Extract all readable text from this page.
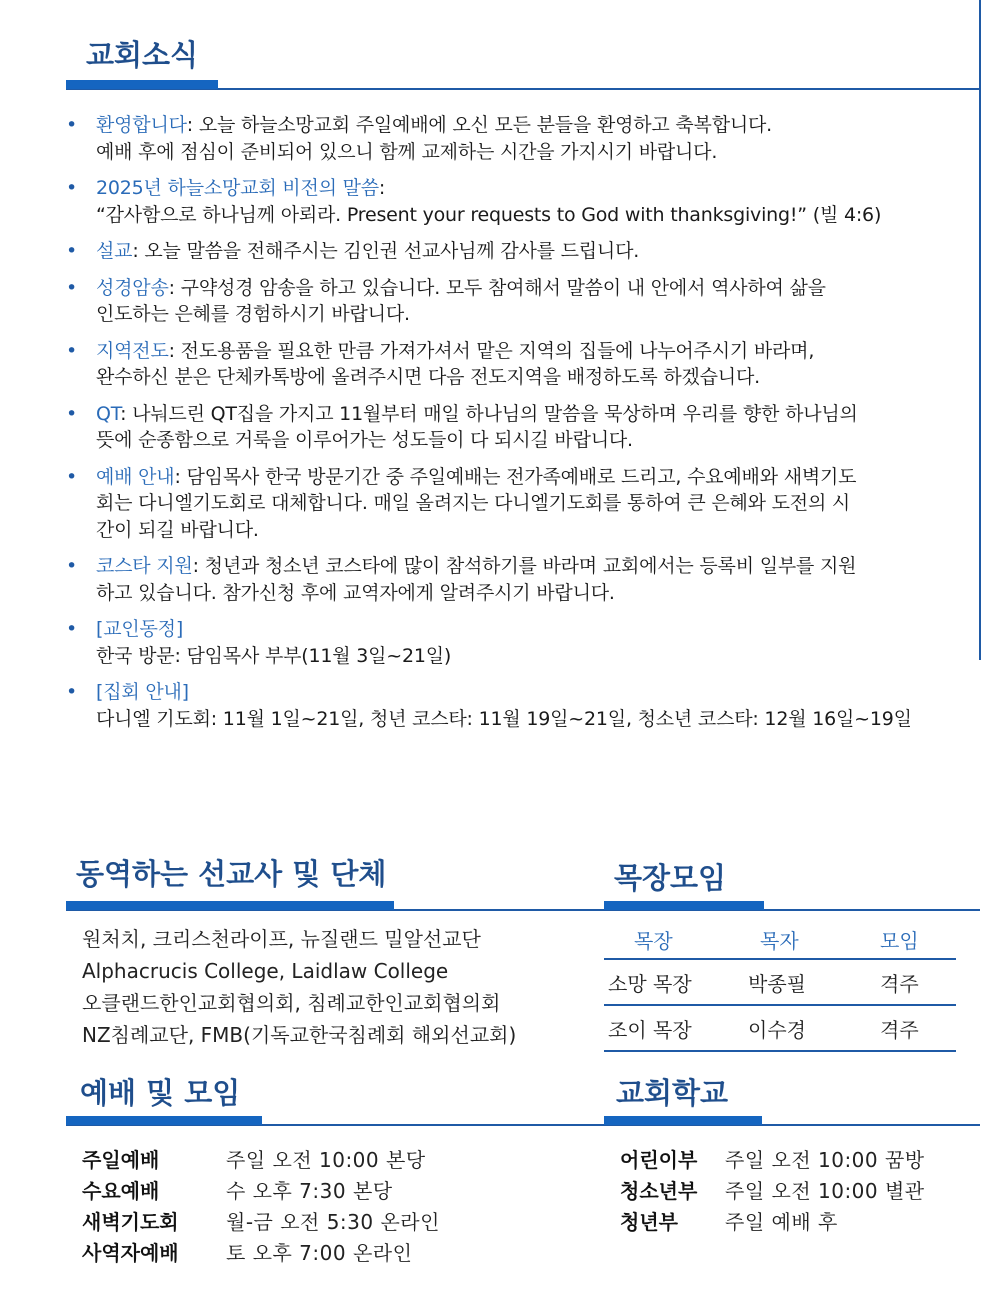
교회소식
• 환영합니다: 오늘 하늘소망교회 주일예배에 오신 모든 분들을 환영하고 축복합니다.
예배 후에 점심이 준비되어 있으니 함께 교제하는 시간을 가지시기 바랍니다.
• 2025년 하늘소망교회 비전의 말씀:
“감사함으로 하나님께 아뢰라. Present your requests to God with thanksgiving!” (빌 4:6)
• 설교: 오늘 말씀을 전해주시는 김인권 선교사님께 감사를 드립니다.
• 성경암송: 구약성경 암송을 하고 있습니다. 모두 참여해서 말씀이 내 안에서 역사하여 삶을
인도하는 은혜를 경험하시기 바랍니다.
• 지역전도: 전도용품을 필요한 만큼 가져가셔서 맡은 지역의 집들에 나누어주시기 바라며,
완수하신 분은 단체카톡방에 올려주시면 다음 전도지역을 배정하도록 하겠습니다.
• QT: 나눠드린 QT집을 가지고 11월부터 매일 하나님의 말씀을 묵상하며 우리를 향한 하나님의
뜻에 순종함으로 거룩을 이루어가는 성도들이 다 되시길 바랍니다.
• 예배 안내: 담임목사 한국 방문기간 중 주일예배는 전가족예배로 드리고, 수요예배와 새벽기도
회는 다니엘기도회로 대체합니다. 매일 올려지는 다니엘기도회를 통하여 큰 은혜와 도전의 시
간이 되길 바랍니다.
• 코스타 지원: 청년과 청소년 코스타에 많이 참석하기를 바라며 교회에서는 등록비 일부를 지원
하고 있습니다. 참가신청 후에 교역자에게 알려주시기 바랍니다.
• [교인동정]
한국 방문: 담임목사 부부(11월 3일~21일)
• [집회 안내]
다니엘 기도회: 11월 1일~21일, 청년 코스타: 11월 19일~21일, 청소년 코스타: 12월 16일~19일
동역하는 선교사 및 단체
원처치, 크리스천라이프, 뉴질랜드 밀알선교단
Alphacrucis College, Laidlaw College
오클랜드한인교회협의회, 침례교한인교회협의회
NZ침례교단, FMB(기독교한국침례회 해외선교회)
목장모임
목장	목자	모임
소망 목장	박종필	격주
조이 목장	이수경	격주
예배 및 모임
주일예배	주일 오전 10:00 본당
수요예배	수 오후 7:30 본당
새벽기도회 월-금 오전 5:30 온라인
사역자예배 토 오후 7:00 온라인
교회학교
어린이부 주일 오전 10:00 꿈방
청소년부 주일 오전 10:00 별관
청년부 주일 예배 후
